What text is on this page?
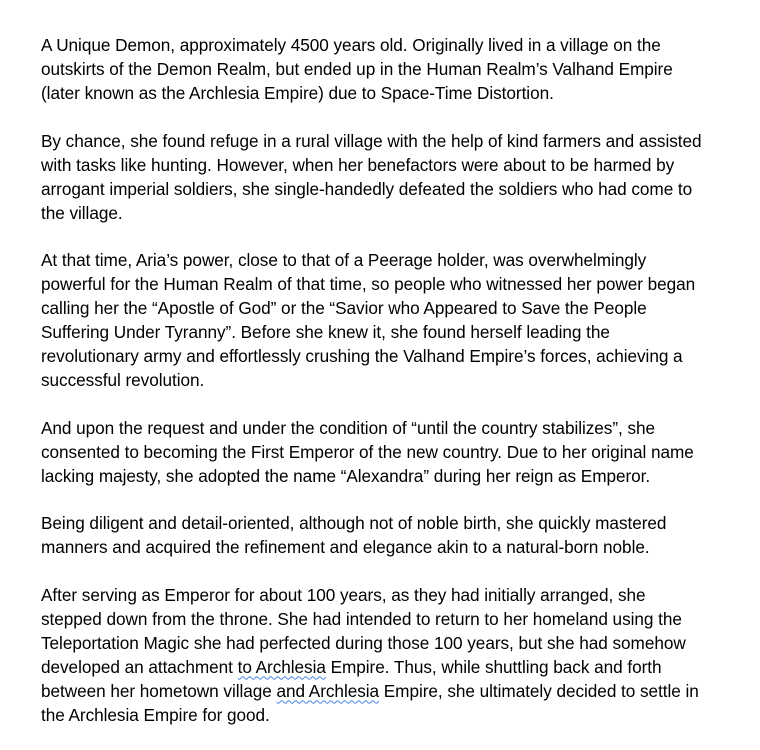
A Unique Demon, approximately 4500 years old. Originally lived in a village on the
outskirts of the Demon Realm, but ended up in the Human Realm’s Valhand Empire
(later known as the Archlesia Empire) due to Space-Time Distortion.

By chance, she found refuge in a rural village with the help of kind farmers and assisted
with tasks like hunting. However, when her benefactors were about to be harmed by
arrogant imperial soldiers, she single-handedly defeated the soldiers who had come to
the village.

At that time, Aria’s power, close to that of a Peerage holder, was overwhelmingly
powerful for the Human Realm of that time, so people who witnessed her power began
calling her the “Apostle of God” or the “Savior who Appeared to Save the People
Suffering Under Tyranny”. Before she knew it, she found herself leading the
revolutionary army and effortlessly crushing the Valhand Empire’s forces, achieving a
successful revolution.

And upon the request and under the condition of “until the country stabilizes”, she
consented to becoming the First Emperor of the new country. Due to her original name
lacking majesty, she adopted the name “Alexandra” during her reign as Emperor.

Being diligent and detail-oriented, although not of noble birth, she quickly mastered
manners and acquired the refinement and elegance akin to a natural-born noble.

After serving as Emperor for about 100 years, as they had initially arranged, she
stepped down from the throne. She had intended to return to her homeland using the
Teleportation Magic she had perfected during those 100 years, but she had somehow
developed an attachment to Archlesia Empire. Thus, while shuttling back and forth
between her hometown village and Archlesia Empire, she ultimately decided to settle in
the Archlesia Empire for good.
